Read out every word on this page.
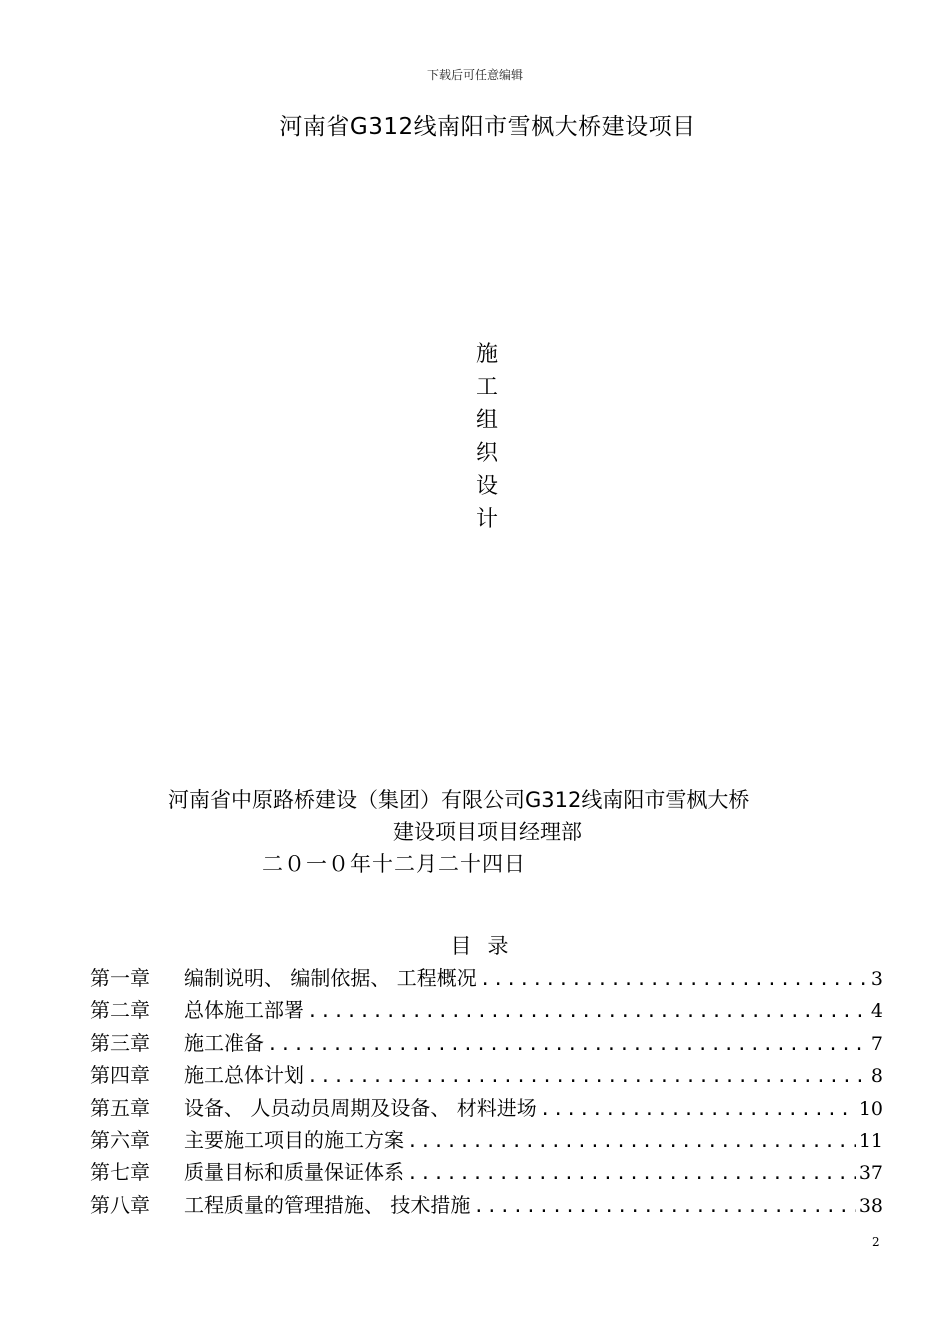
下载后可任意编辑
河南省G312线南阳市雪枫大桥建设项目
施
工
组
织
设
计
河南省中原路桥建设（集团）有限公司G312线南阳市雪枫大桥
建设项目项目经理部
二０一０年十二月二十四日
目录
第一章	编制说明、 编制依据、 工程概况 .....	3
第二章	总体施工部署 .....	4
第三章	施工准备 .....	7
第四章	施工总体计划 .....	8
第五章	设备、 人员动员周期及设备、 材料进场 .....	10
第六章	主要施工项目的施工方案 .....	11
第七章	质量目标和质量保证体系 .....	37
第八章	工程质量的管理措施、 技术措施 .....	38
2
